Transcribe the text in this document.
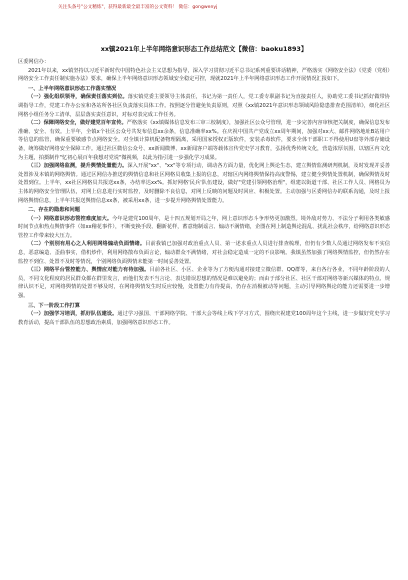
关注头条号"公文精炼"，获得最新最全最丰富的公文资料！ 微信：gongwenyj
xx镇2021年上半年网络意识形态工作总结范文【微信：baoku1893】
区委网信办：
2021年以来，xx镇坚持以习近平新时代中国特色社会主义思想为指导，深入学习贯彻习近平总书记系列重要讲话精神，严格落实《网络安全法》《党委（党组）网络安全工作责任制实施办法》要求，确保上半年网络意识形态领域安全稳定可控，现就2021年上半年网络意识形态工作开展情况汇报如下。
一、上半年网络意识形态工作落实情况
（一）强化组织领导，确保责任落实到位。落实镇党委主要领导主体责任，书记为第一责任人，党工委专职副书记为直接责任人，协助党工委书记抓好做带协调指导工作，党建工作办公室和各站所各社区负责落实具体工作。按照逐分管避免负责原则，对照《xx镇2021年意识形态领域风险隐患排查范围清单》，细化社区网格小组任务分工清单，层层落实责任意识，对标对表完成工作任务。
（二）保障网络安全，做好建党百年宣传。严格落实《xx镇媒体信息发布三审三校制度》，加强社区公众号管理，进一步完善内容审核把关制度，确保信息发布准确、安全、有效。上半年，全镇x个社区公众号共发布信息xx余条，信息准确率xx%。在庆祝中国共产党成立xx周年期间，加强对xx大、邮件网络地址B站用户等信息的监管，确保重要敏感节点网络安全。对全镇计算机配备物理隔离，采用国家授权正版软件，安装杀毒软件，要求全体干部职工不得使用U盘等外部存储设备，统筹做好网络安全保障工作。通过社区微信公众号、xx新闻微博、xx新闻客户端等载体宣传党史学习教育，弘扬优秀传统文化，营造浓厚氛围，以辖区内文化为主题，拍摄制作"忆初心展百年我想对党说"微视频，以此为指引进一步强化学习成果。
（三）加强网络监测，提升舆情处置能力。深入开展"xx"、"xx"等专项行动，调动各方面力量，优化网上舆论生态，建立舆情监测研判机制，及时发现并妥善处置涉及本镇的网络舆情。通过区网信办推送的舆情信息和社区网格员收集上报的信息，对辖区内网络舆情保持高度警惕，建立健全舆情处置机制，确保舆情及时处置到位。上半年，xx社区网格员共报送xx条，办结率达xx%。抓好网格'民兵'队伍建设，做好"党建引领网格治理"，组建以街道干部、社区工作人员、网格员为主体的网络安全管理队伍，对网上信息进行实时监控，及时删除不良信息，对网上反映的问题及时回应、积极处置。主动加强与区委网信办的联系沟通，及时上报网络舆情信息，上半年共报送舆情信息xx条，被采用xx条，进一步提升网络舆情处置能力。
二、存在的隐患和问题
（一）网络意识形态管控难度加大。今年是建党100周年，是十四五规划开局之年，网上意识形态斗争形势更加激烈。境外敌对势力、不法分子利用各类敏感时间节点和热点舆情事件（如xx稽花事件），不断变换手段、翻新花样，蓄意炮制谣言、煽动不满情绪，企图在网上制造舆论混乱、扰乱社会秩序，给网络意识形态管控工作带来较大压力。
（二）个别别有用心之人利用网络煽动负面情绪。目前我镇已加强对政治重点人员、第一述求重点人员进行排查梳理，但仍有少数人员通过网络发布不实信息，恶意编造、歪曲事实，借机炒作，利用网络散布负面言论，煽动群众不满情绪，对社会稳定造成一定的不良影响。我镇虽然加强了网络舆情监控，但仍然存在监控不到位、处置不及时等情况，个别网络负面舆情未能第一时间妥善处置。
（三）网络平台管控能力、舆情应对能力有待加强。目前各社区、小区、企业等为了方便沟通对接建立微信群、QQ群等，来自各行各业，不同年龄阶段的人员，不同文化程度的居民群众都在群里发言，而他们发表不当言论、表达错误思想的情况是难以避免的；而由于部分社区、社区干部对网络等新兴媒体的特点、规律认识不足，对网络舆情的处置不够及时，在网络舆情发生时反应较慢，处置能力有待提高，仍存在消极被动等问题，主动引导网络舆论的能力还需要进一步增强。
三、下一阶段工作打算
（一）加强学习培训，抓好队伍建设。通过学习强国、干部网络学院、干部大会等线上线下学习方式，围绕庆祝建党100周年这个主线，进一步做好党史学习教育活动，提高干部队伍的思想政治素质，加强网络意识形态工作。
